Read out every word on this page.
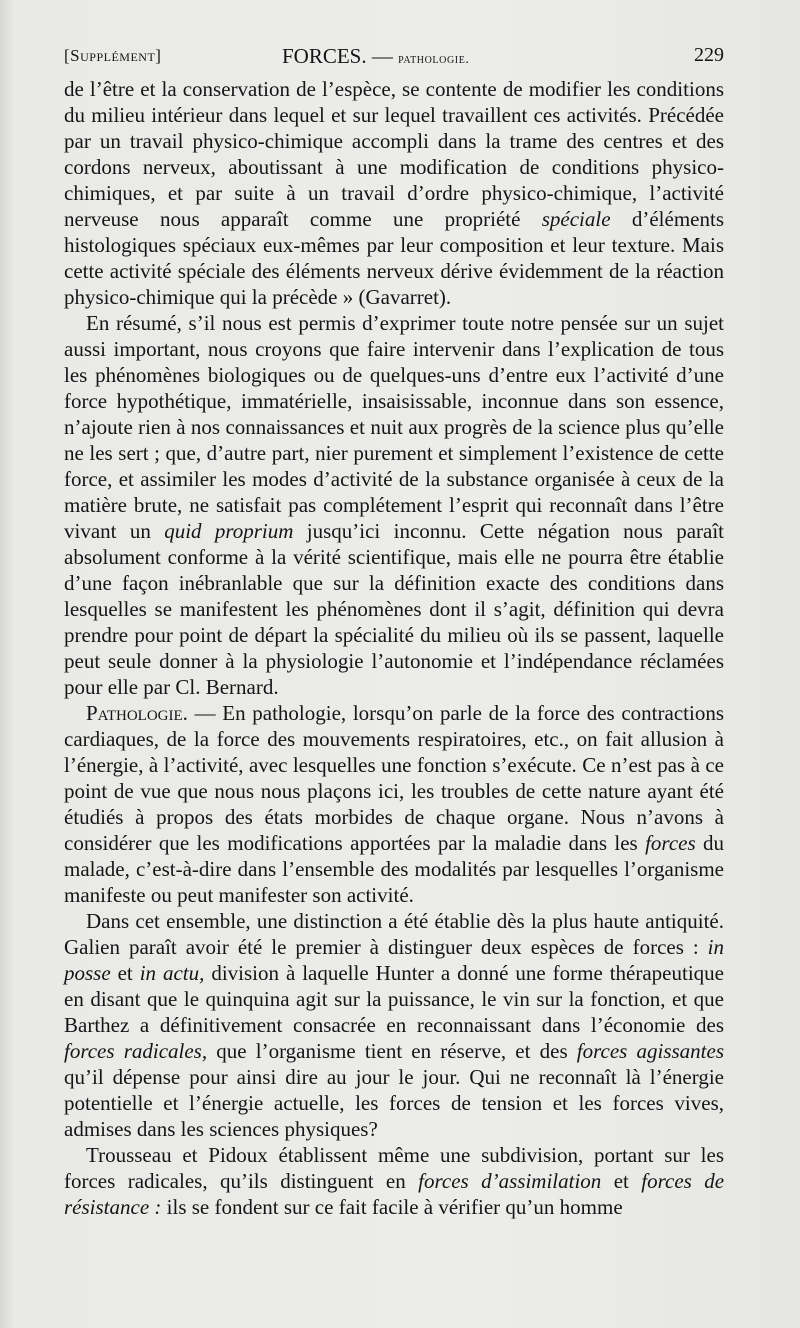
[Supplément]	FORCES. — pathologie.	229

de l’être et la conservation de l’espèce, se contente de modifier les conditions du milieu intérieur dans lequel et sur lequel travaillent ces activités. Précédée par un travail physico-chimique accompli dans la trame des centres et des cordons nerveux, aboutissant à une modification de conditions physico-chimiques, et par suite à un travail d’ordre physico-chimique, l’activité nerveuse nous apparaît comme une propriété spéciale d’éléments histologiques spéciaux eux-mêmes par leur composition et leur texture. Mais cette activité spéciale des éléments nerveux dérive évidemment de la réaction physico-chimique qui la précède » (Gavarret).

En résumé, s’il nous est permis d’exprimer toute notre pensée sur un sujet aussi important, nous croyons que faire intervenir dans l’explication de tous les phénomènes biologiques ou de quelques-uns d’entre eux l’activité d’une force hypothétique, immatérielle, insaisissable, inconnue dans son essence, n’ajoute rien à nos connaissances et nuit aux progrès de la science plus qu’elle ne les sert ; que, d’autre part, nier purement et simplement l’existence de cette force, et assimiler les modes d’activité de la substance organisée à ceux de la matière brute, ne satisfait pas complétement l’esprit qui reconnaît dans l’être vivant un quid proprium jusqu’ici inconnu. Cette négation nous paraît absolument conforme à la vérité scientifique, mais elle ne pourra être établie d’une façon inébranlable que sur la définition exacte des conditions dans lesquelles se manifestent les phénomènes dont il s’agit, définition qui devra prendre pour point de départ la spécialité du milieu où ils se passent, laquelle peut seule donner à la physiologie l’autonomie et l’indépendance réclamées pour elle par Cl. Bernard.

Pathologie. — En pathologie, lorsqu’on parle de la force des contractions cardiaques, de la force des mouvements respiratoires, etc., on fait allusion à l’énergie, à l’activité, avec lesquelles une fonction s’exécute. Ce n’est pas à ce point de vue que nous nous plaçons ici, les troubles de cette nature ayant été étudiés à propos des états morbides de chaque organe. Nous n’avons à considérer que les modifications apportées par la maladie dans les forces du malade, c’est-à-dire dans l’ensemble des modalités par lesquelles l’organisme manifeste ou peut manifester son activité.

Dans cet ensemble, une distinction a été établie dès la plus haute antiquité. Galien paraît avoir été le premier à distinguer deux espèces de forces : in posse et in actu, division à laquelle Hunter a donné une forme thérapeutique en disant que le quinquina agit sur la puissance, le vin sur la fonction, et que Barthez a définitivement consacrée en reconnaissant dans l’économie des forces radicales, que l’organisme tient en réserve, et des forces agissantes qu’il dépense pour ainsi dire au jour le jour. Qui ne reconnaît là l’énergie potentielle et l’énergie actuelle, les forces de tension et les forces vives, admises dans les sciences physiques?

Trousseau et Pidoux établissent même une subdivision, portant sur les forces radicales, qu’ils distinguent en forces d’assimilation et forces de résistance : ils se fondent sur ce fait facile à vérifier qu’un homme
